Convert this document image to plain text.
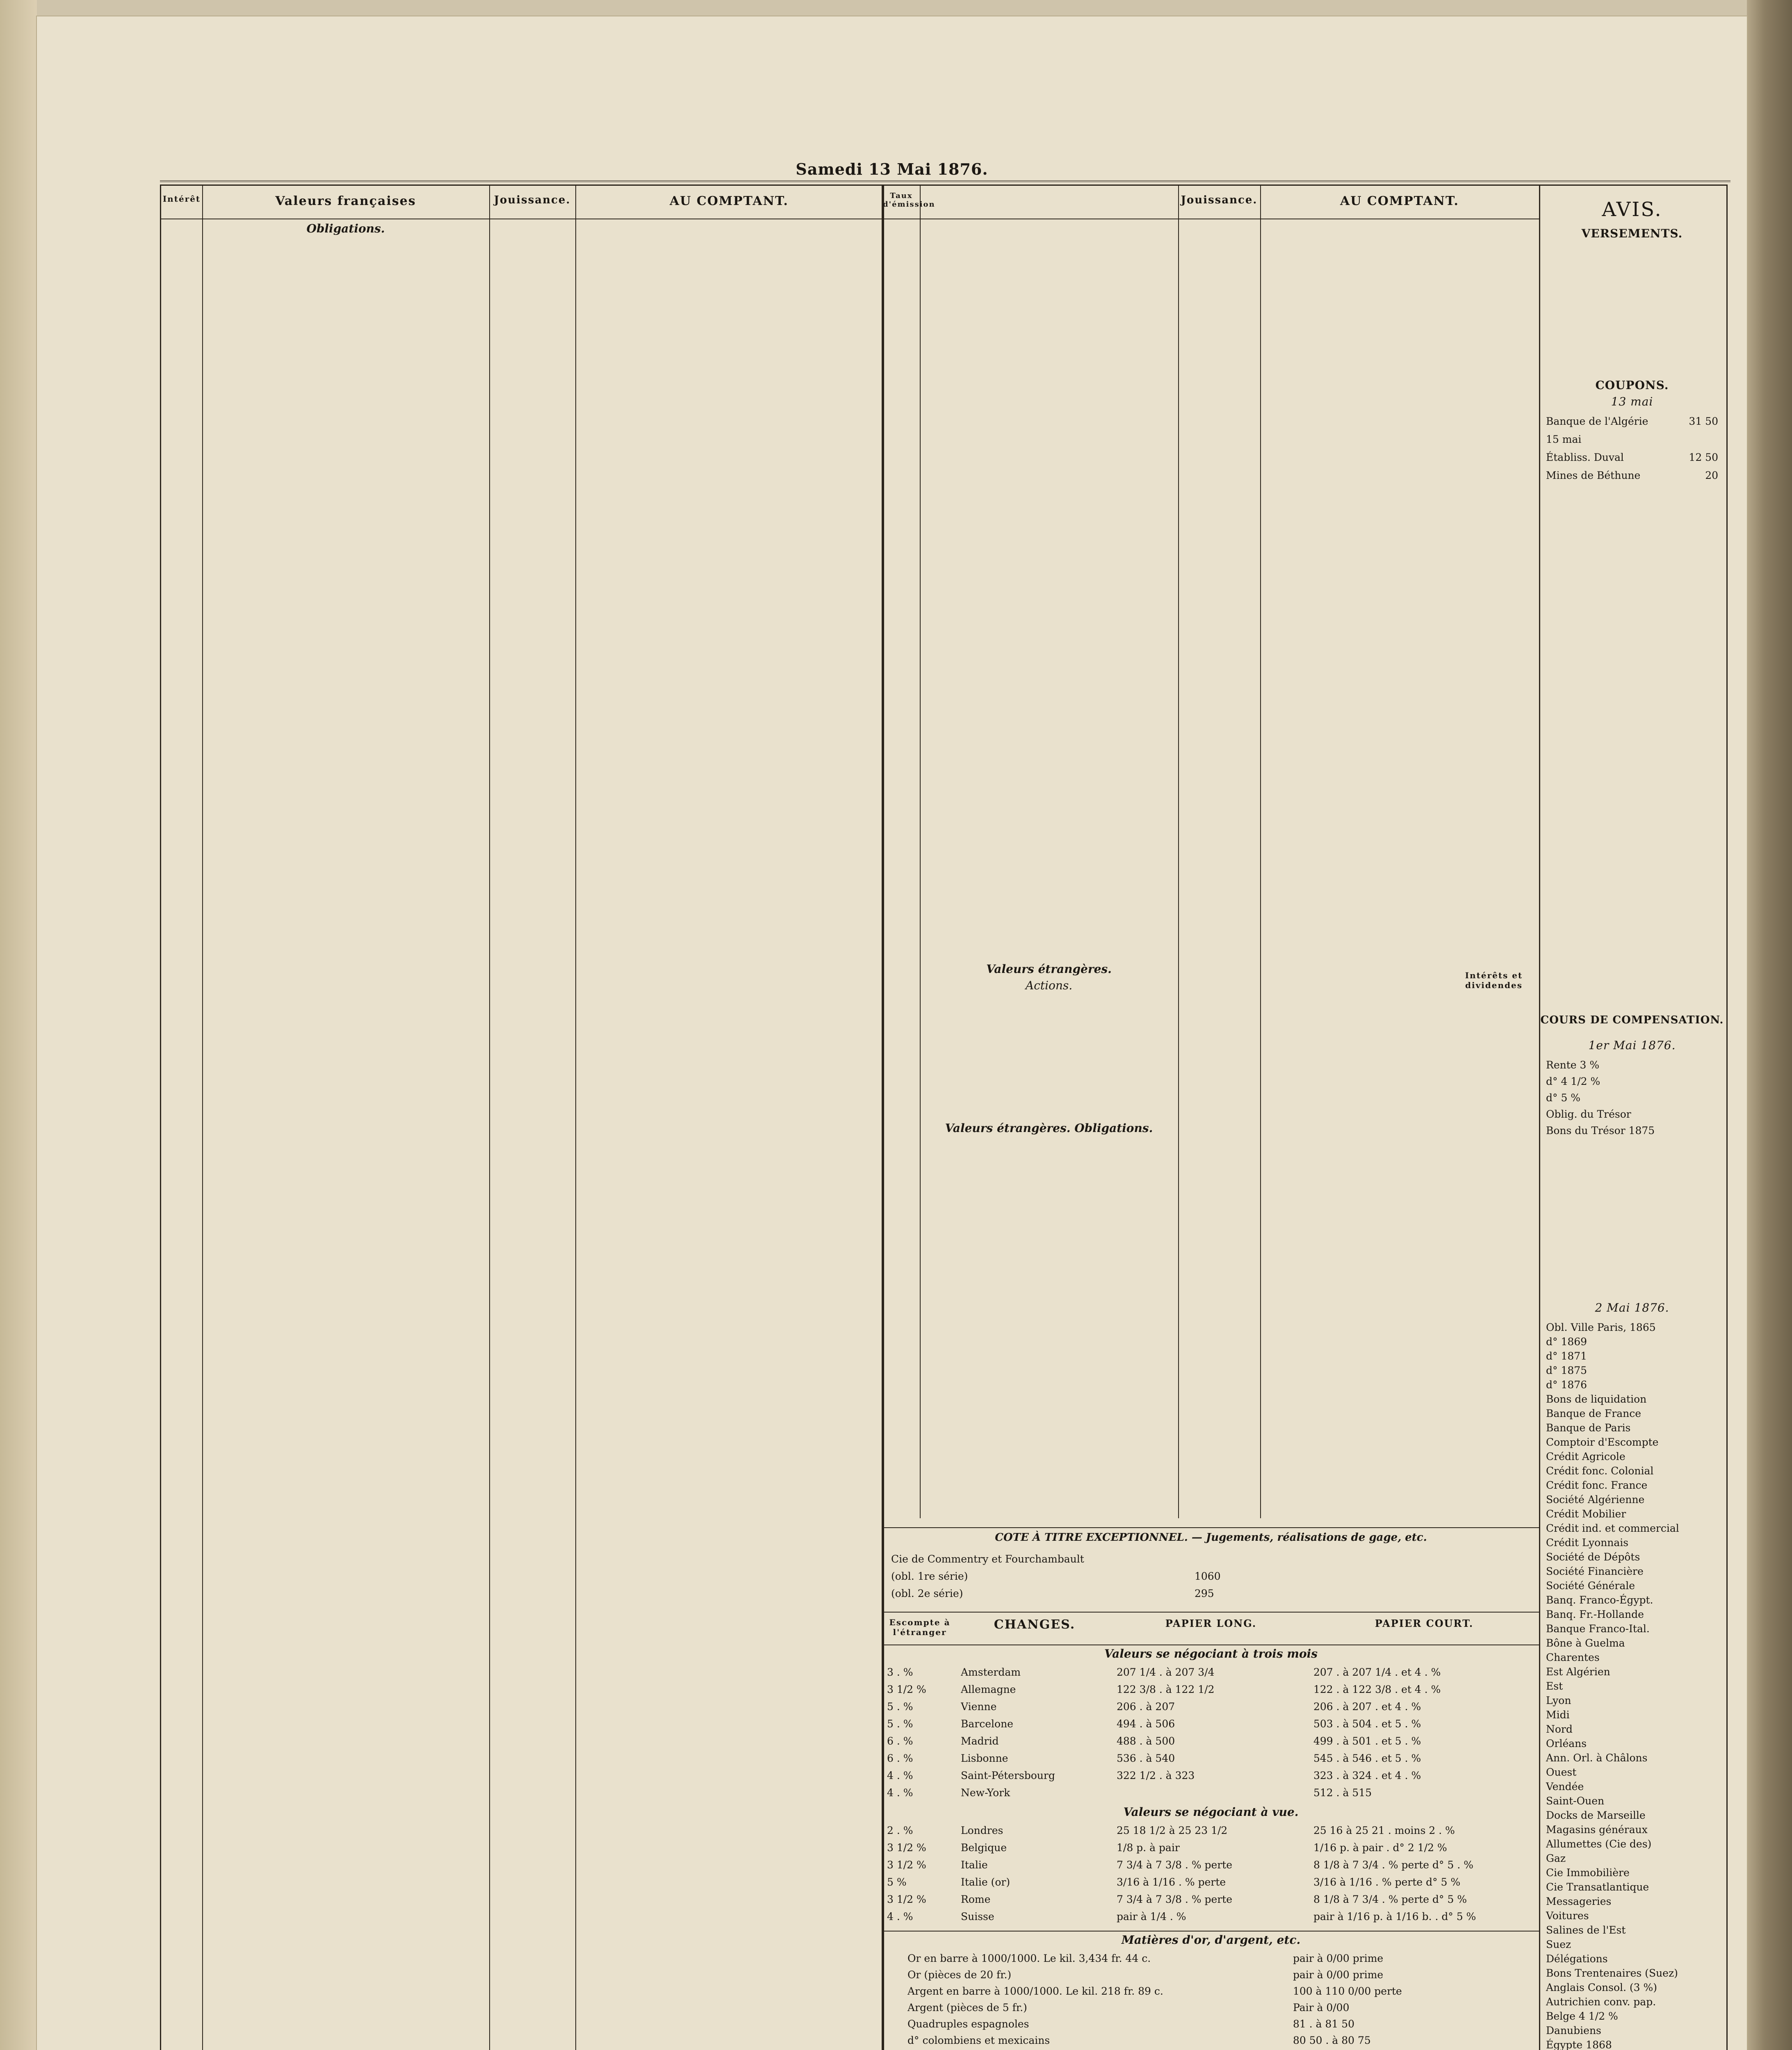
Samedi 13 Mai 1876.
Intérêt	Valeurs françaises	Jouissance.	AU COMPTANT.
Obligations.
Taux d'émission	Jouissance.	AU COMPTANT.
Valeurs étrangères.
Actions.
Intérêts et dividendes
Valeurs étrangères. Obligations.
COTE À TITRE EXCEPTIONNEL. — Jugements, réalisations de gage, etc.
Cie de Commentry et Fourchambault
(obl. 1re série)	1060
(obl. 2e série)	295
Escompte à l'étranger
CHANGES.	PAPIER LONG.	PAPIER COURT.
Valeurs se négociant à trois mois
3 . %	Amsterdam	207 1/4 . à 207 3/4	207 . à 207 1/4 . et 4 . %
3 1/2 %	Allemagne	122 3/8 . à 122 1/2	122 . à 122 3/8 . et 4 . %
5 . %	Vienne	206 . à 207	206 . à 207 . et 4 . %
5 . %	Barcelone	494 . à 506	503 . à 504 . et 5 . %
6 . %	Madrid	488 . à 500	499 . à 501 . et 5 . %
6 . %	Lisbonne	536 . à 540	545 . à 546 . et 5 . %
4 . %	Saint-Pétersbourg	322 1/2 . à 323	323 . à 324 . et 4 . %
4 . %	New-York	512 . à 515
Valeurs se négociant à vue.
2 . %	Londres	25 18 1/2 à 25 23 1/2	25 16 à 25 21 . moins 2 . %
3 1/2 %	Belgique	1/8 p. à pair	1/16 p. à pair . d° 2 1/2 %
3 1/2 %	Italie	7 3/4 à 7 3/8 . % perte	8 1/8 à 7 3/4 . % perte d° 5 . %
5 %	Italie (or)	3/16 à 1/16 . % perte	3/16 à 1/16 . % perte d° 5 %
3 1/2 %	Rome	7 3/4 à 7 3/8 . % perte	8 1/8 à 7 3/4 . % perte d° 5 %
4 . %	Suisse	pair à 1/4 . %	pair à 1/16 p. à 1/16 b. . d° 5 %
Matières d'or, d'argent, etc.
Or en barre à 1000/1000. Le kil. 3,434 fr. 44 c.	pair à 0/00 prime
Or (pièces de 20 fr.)	pair à 0/00 prime
Argent en barre à 1000/1000. Le kil. 218 fr. 89 c.	100 à 110 0/00 perte
Argent (pièces de 5 fr.)	Pair à 0/00
Quadruples espagnoles	81 . à 81 50
d° colombiens et mexicains	80 50 . à 80 75
AVIS.
VERSEMENTS.
COUPONS.
13 mai
Banque de l'Algérie	31 50
15 mai
Établiss. Duval	12 50
Mines de Béthune	20
COURS DE COMPENSATION.
1er Mai 1876.
Rente 3 %
d° 4 1/2 %
d° 5 %
Oblig. du Trésor
Bons du Trésor 1875
2 Mai 1876.
Obl. Ville Paris, 1865
d° 1869
d° 1871
d° 1875
d° 1876
Bons de liquidation
Banque de France
Banque de Paris
Comptoir d'Escompte
Crédit Agricole
Crédit fonc. Colonial
Crédit fonc. France
Société Algérienne
Crédit Mobilier
Crédit ind. et commercial
Crédit Lyonnais
Société de Dépôts
Société Financière
Société Générale
Banq. Franco-Égypt.
Banq. Fr.-Hollande
Banque Franco-Ital.
Bône à Guelma
Charentes
Est Algérien
Est
Lyon
Midi
Nord
Orléans
Ann. Orl. à Châlons
Ouest
Vendée
Saint-Ouen
Docks de Marseille
Magasins généraux
Allumettes (Cie des)
Gaz
Cie Immobilière
Cie Transatlantique
Messageries
Voitures
Salines de l'Est
Suez
Délégations
Bons Trentenaires (Suez)
Anglais Consol. (3 %)
Autrichien conv. pap.
Belge 4 1/2 %
Danubiens
Égypte 1868
